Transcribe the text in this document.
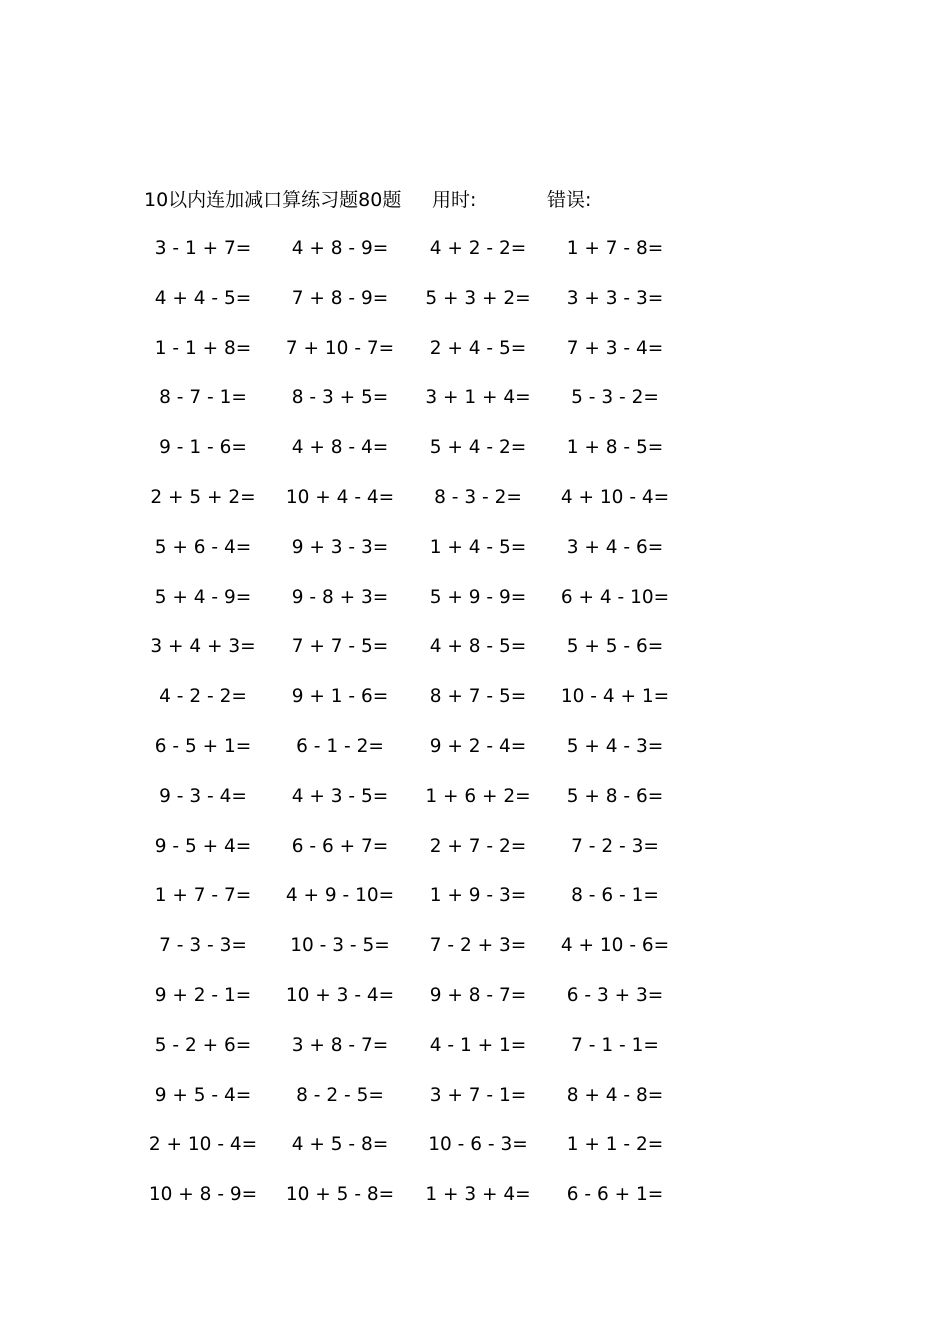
10以内连加减口算练习题80题 用时:	错误:
3 - 1 + 7=	4 + 8 - 9=	4 + 2 - 2=	1 + 7 - 8=
4 + 4 - 5=	7 + 8 - 9=	5 + 3 + 2=	3 + 3 - 3=
1 - 1 + 8=	7 + 10 - 7=	2 + 4 - 5=	7 + 3 - 4=
8 - 7 - 1=	8 - 3 + 5=	3 + 1 + 4=	5 - 3 - 2=
9 - 1 - 6=	4 + 8 - 4=	5 + 4 - 2=	1 + 8 - 5=
2 + 5 + 2=	10 + 4 - 4=	8 - 3 - 2=	4 + 10 - 4=
5 + 6 - 4=	9 + 3 - 3=	1 + 4 - 5=	3 + 4 - 6=
5 + 4 - 9=	9 - 8 + 3=	5 + 9 - 9=	6 + 4 - 10=
3 + 4 + 3=	7 + 7 - 5=	4 + 8 - 5=	5 + 5 - 6=
4 - 2 - 2=	9 + 1 - 6=	8 + 7 - 5=	10 - 4 + 1=
6 - 5 + 1=	6 - 1 - 2=	9 + 2 - 4=	5 + 4 - 3=
9 - 3 - 4=	4 + 3 - 5=	1 + 6 + 2=	5 + 8 - 6=
9 - 5 + 4=	6 - 6 + 7=	2 + 7 - 2=	7 - 2 - 3=
1 + 7 - 7=	4 + 9 - 10=	1 + 9 - 3=	8 - 6 - 1=
7 - 3 - 3=	10 - 3 - 5=	7 - 2 + 3=	4 + 10 - 6=
9 + 2 - 1=	10 + 3 - 4=	9 + 8 - 7=	6 - 3 + 3=
5 - 2 + 6=	3 + 8 - 7=	4 - 1 + 1=	7 - 1 - 1=
9 + 5 - 4=	8 - 2 - 5=	3 + 7 - 1=	8 + 4 - 8=
2 + 10 - 4=	4 + 5 - 8=	10 - 6 - 3=	1 + 1 - 2=
10 + 8 - 9=	10 + 5 - 8=	1 + 3 + 4=	6 - 6 + 1=
